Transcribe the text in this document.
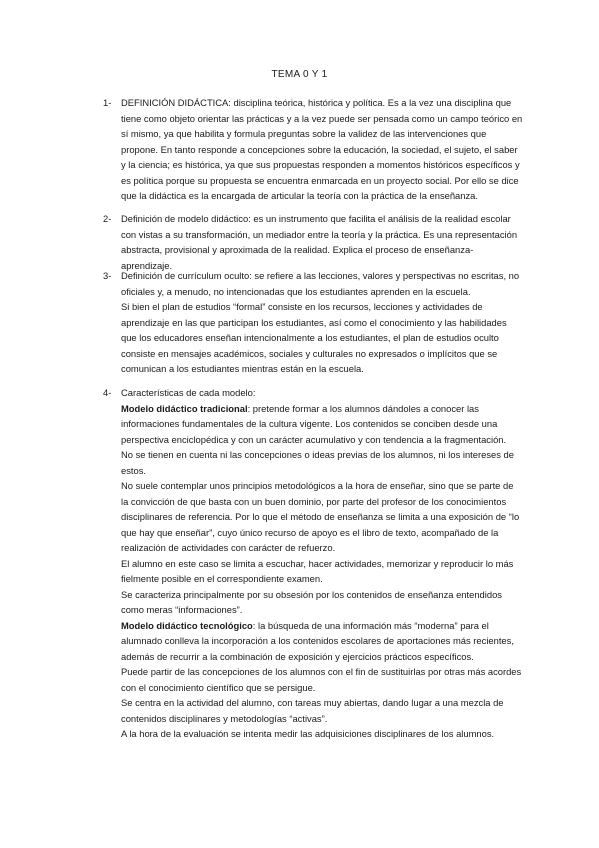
TEMA 0 Y 1
1-	DEFINICIÓN DIDÁCTICA: disciplina teórica, histórica y política. Es a la vez una disciplina que tiene como objeto orientar las prácticas y a la vez puede ser pensada como un campo teórico en sí mismo, ya que habilita y formula preguntas sobre la validez de las intervenciones que propone. En tanto responde a concepciones sobre la educación, la sociedad, el sujeto, el saber y la ciencia; es histórica, ya que sus propuestas responden a momentos históricos específicos y es política porque su propuesta se encuentra enmarcada en un proyecto social. Por ello se dice que la didáctica es la encargada de articular la teoría con la práctica de la enseñanza.

2-	Definición de modelo didáctico: es un instrumento que facilita el análisis de la realidad escolar con vistas a su transformación, un mediador entre la teoría y la práctica. Es una representación abstracta, provisional y aproximada de la realidad. Explica el proceso de enseñanza-aprendizaje.

3-	Definición de currículum oculto: se refiere a las lecciones, valores y perspectivas no escritas, no oficiales y, a menudo, no intencionadas que los estudiantes aprenden en la escuela.

Si bien el plan de estudios “formal” consiste en los recursos, lecciones y actividades de aprendizaje en las que participan los estudiantes, así como el conocimiento y las habilidades que los educadores enseñan intencionalmente a los estudiantes, el plan de estudios oculto consiste en mensajes académicos, sociales y culturales no expresados o implícitos que se comunican a los estudiantes mientras están en la escuela.

4-	Características de cada modelo:

Modelo didáctico tradicional: pretende formar a los alumnos dándoles a conocer las informaciones fundamentales de la cultura vigente. Los contenidos se conciben desde una perspectiva enciclopédica y con un carácter acumulativo y con tendencia a la fragmentación.

No se tienen en cuenta ni las concepciones o ideas previas de los alumnos, ni los intereses de estos.

No suele contemplar unos principios metodológicos a la hora de enseñar, sino que se parte de la convicción de que basta con un buen dominio, por parte del profesor de los conocimientos disciplinares de referencia. Por lo que el método de enseñanza se limita a una exposición de “lo que hay que enseñar”, cuyo único recurso de apoyo es el libro de texto, acompañado de la realización de actividades con carácter de refuerzo.

El alumno en este caso se limita a escuchar, hacer actividades, memorizar y reproducir lo más fielmente posible en el correspondiente examen.

Se caracteriza principalmente por su obsesión por los contenidos de enseñanza entendidos como meras “informaciones”.

Modelo didáctico tecnológico: la búsqueda de una información más “moderna” para el alumnado conlleva la incorporación a los contenidos escolares de aportaciones más recientes, además de recurrir a la combinación de exposición y ejercicios prácticos específicos.

Puede partir de las concepciones de los alumnos con el fin de sustituirlas por otras más acordes con el conocimiento científico que se persigue.

Se centra en la actividad del alumno, con tareas muy abiertas, dando lugar a una mezcla de contenidos disciplinares y metodologías “activas”.

A la hora de la evaluación se intenta medir las adquisiciones disciplinares de los alumnos.
